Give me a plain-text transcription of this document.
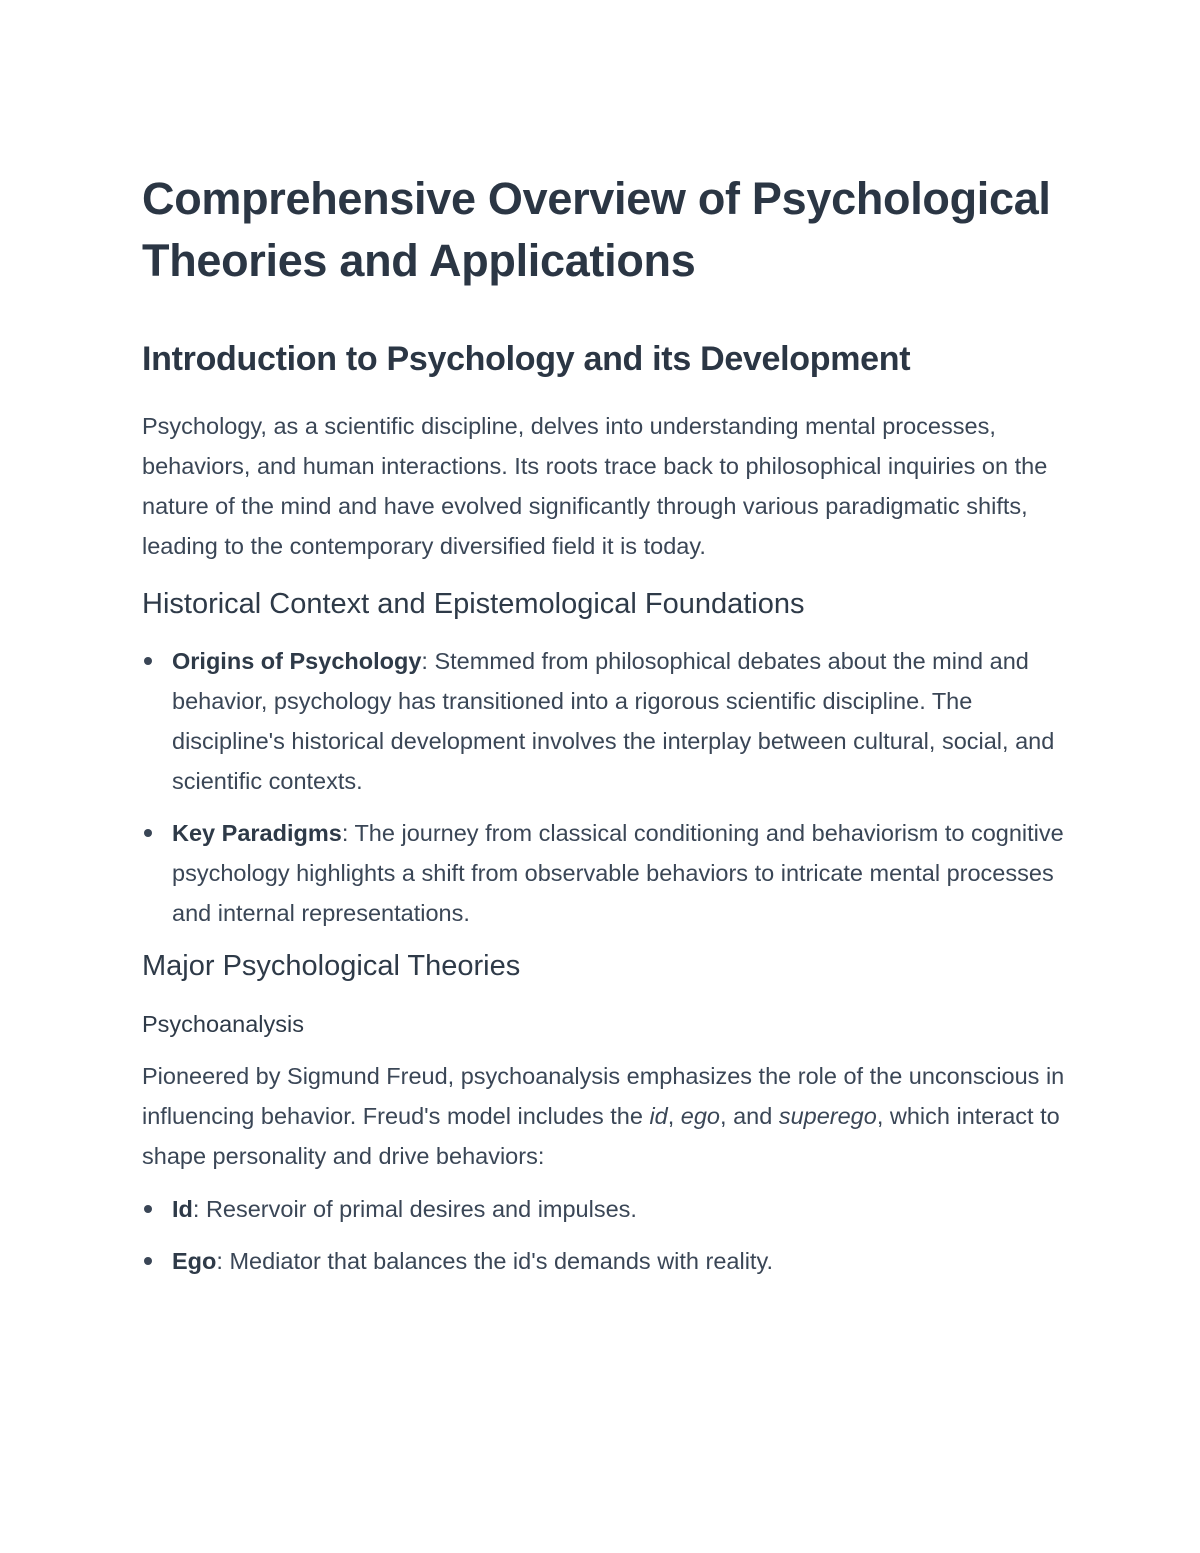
Comprehensive Overview of Psychological Theories and Applications
Introduction to Psychology and its Development

Psychology, as a scientific discipline, delves into understanding mental processes, behaviors, and human interactions. Its roots trace back to philosophical inquiries on the nature of the mind and have evolved significantly through various paradigmatic shifts, leading to the contemporary diversified field it is today.

Historical Context and Epistemological Foundations
Origins of Psychology: Stemmed from philosophical debates about the mind and behavior, psychology has transitioned into a rigorous scientific discipline. The discipline's historical development involves the interplay between cultural, social, and scientific contexts.
Key Paradigms: The journey from classical conditioning and behaviorism to cognitive psychology highlights a shift from observable behaviors to intricate mental processes and internal representations.
Major Psychological Theories
Psychoanalysis

Pioneered by Sigmund Freud, psychoanalysis emphasizes the role of the unconscious in influencing behavior. Freud's model includes the id, ego, and superego, which interact to shape personality and drive behaviors:

Id: Reservoir of primal desires and impulses.
Ego: Mediator that balances the id's demands with reality.
